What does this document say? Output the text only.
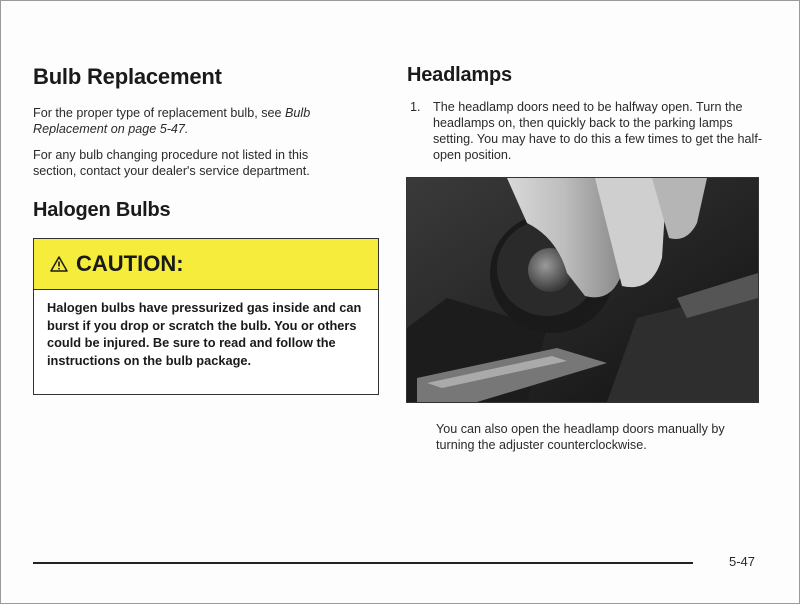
Bulb Replacement

For the proper type of replacement bulb, see Bulb Replacement on page 5-47.

For any bulb changing procedure not listed in this section, contact your dealer's service department.

Halogen Bulbs
CAUTION:
Halogen bulbs have pressurized gas inside and can burst if you drop or scratch the bulb. You or others could be injured. Be sure to read and follow the instructions on the bulb package.
Headlamps
1. The headlamp doors need to be halfway open. Turn the headlamps on, then quickly back to the parking lamps setting. You may have to do this a few times to get the half-open position.
You can also open the headlamp doors manually by turning the adjuster counterclockwise.
5-47
